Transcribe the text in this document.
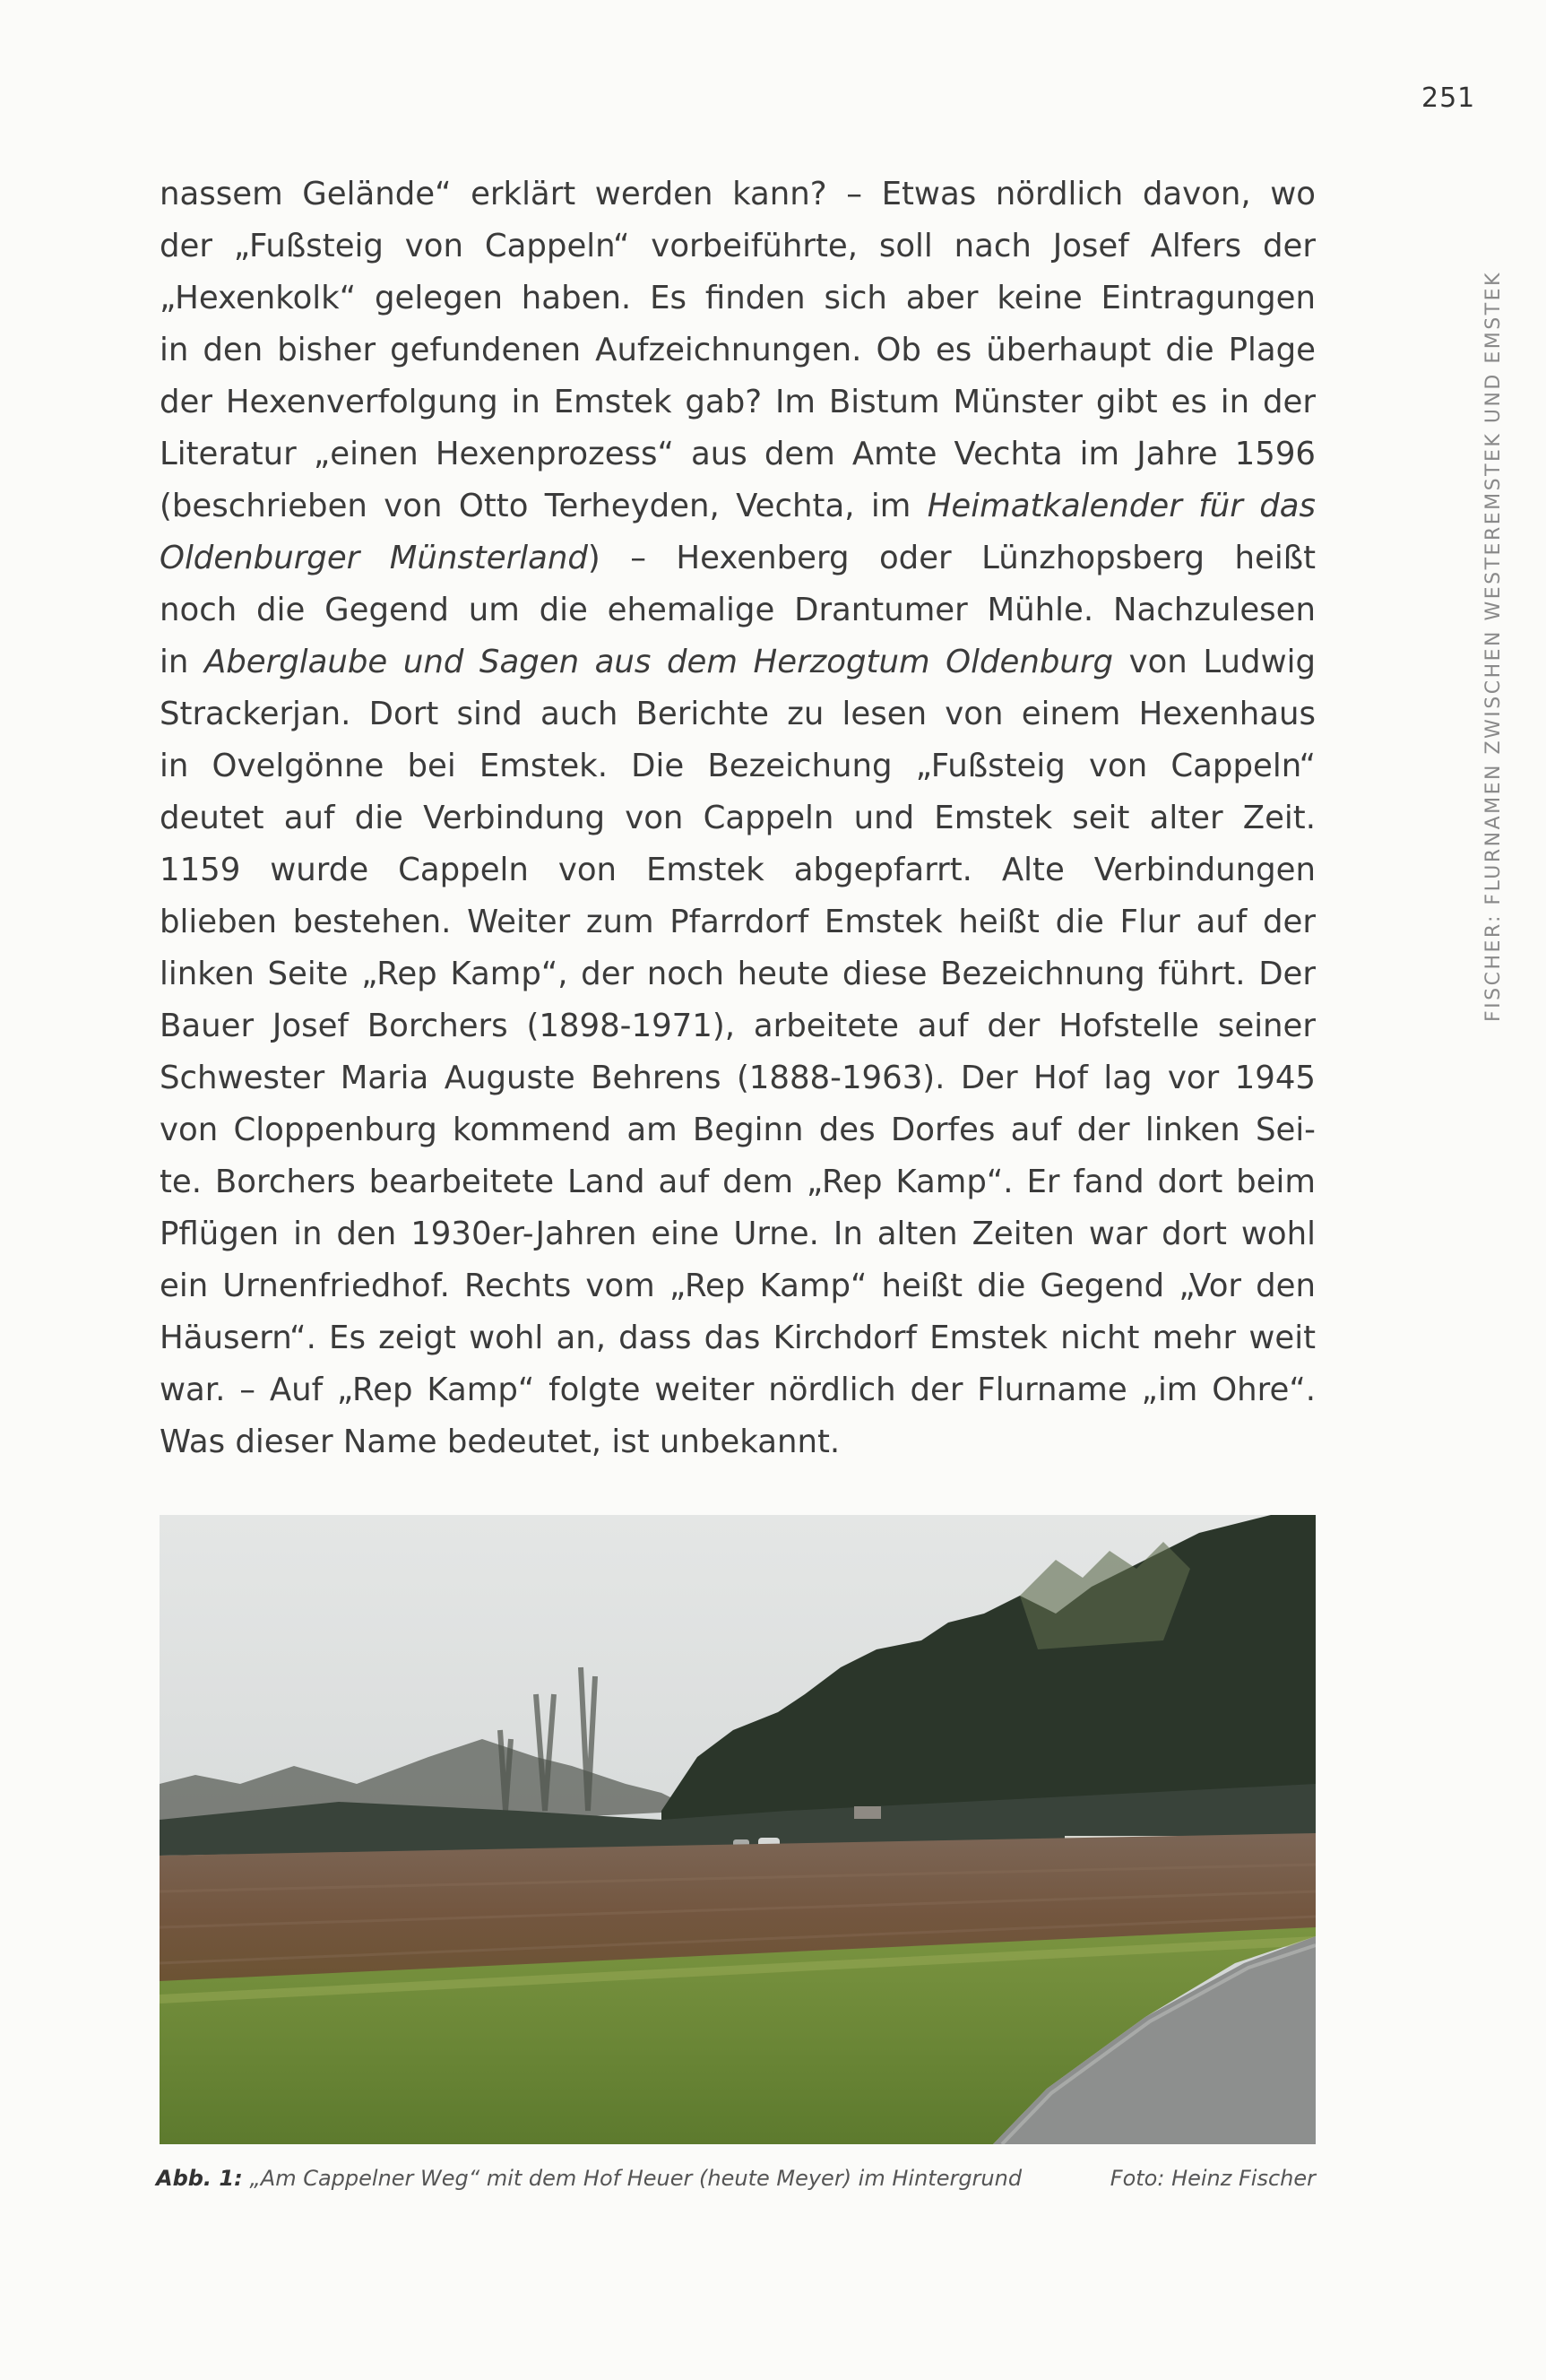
251
FISCHER: FLURNAMEN ZWISCHEN WESTEREMSTEK UND EMSTEK
nassem Gelände“ erklärt werden kann? – Etwas nördlich davon, wo
der „Fußsteig von Cappeln“ vorbeiführte, soll nach Josef Alfers der
„Hexenkolk“ gelegen haben. Es finden sich aber keine Eintragungen
in den bisher gefundenen Aufzeichnungen. Ob es überhaupt die Plage
der Hexenverfolgung in Emstek gab? Im Bistum Münster gibt es in der
Literatur „einen Hexenprozess“ aus dem Amte Vechta im Jahre 1596
(beschrieben von Otto Terheyden, Vechta, im Heimatkalender für das
Oldenburger Münsterland) – Hexenberg oder Lünzhopsberg heißt
noch die Gegend um die ehemalige Drantumer Mühle. Nachzulesen
in Aberglaube und Sagen aus dem Herzogtum Oldenburg von Ludwig
Strackerjan. Dort sind auch Berichte zu lesen von einem Hexenhaus
in Ovelgönne bei Emstek. Die Bezeichung „Fußsteig von Cappeln“
deutet auf die Verbindung von Cappeln und Emstek seit alter Zeit.
1159 wurde Cappeln von Emstek abgepfarrt. Alte Verbindungen
blieben bestehen. Weiter zum Pfarrdorf Emstek heißt die Flur auf der
linken Seite „Rep Kamp“, der noch heute diese Bezeichnung führt. Der
Bauer Josef Borchers (1898-1971), arbeitete auf der Hofstelle seiner
Schwester Maria Auguste Behrens (1888-1963). Der Hof lag vor 1945
von Cloppenburg kommend am Beginn des Dorfes auf der linken Sei-
te. Borchers bearbeitete Land auf dem „Rep Kamp“. Er fand dort beim
Pflügen in den 1930er-Jahren eine Urne. In alten Zeiten war dort wohl
ein Urnenfriedhof. Rechts vom „Rep Kamp“ heißt die Gegend „Vor den
Häusern“. Es zeigt wohl an, dass das Kirchdorf Emstek nicht mehr weit
war. – Auf „Rep Kamp“ folgte weiter nördlich der Flurname „im Ohre“.
Was dieser Name bedeutet, ist unbekannt.
Abb. 1: „Am Cappelner Weg“ mit dem Hof Heuer (heute Meyer) im Hintergrund	Foto: Heinz Fischer
